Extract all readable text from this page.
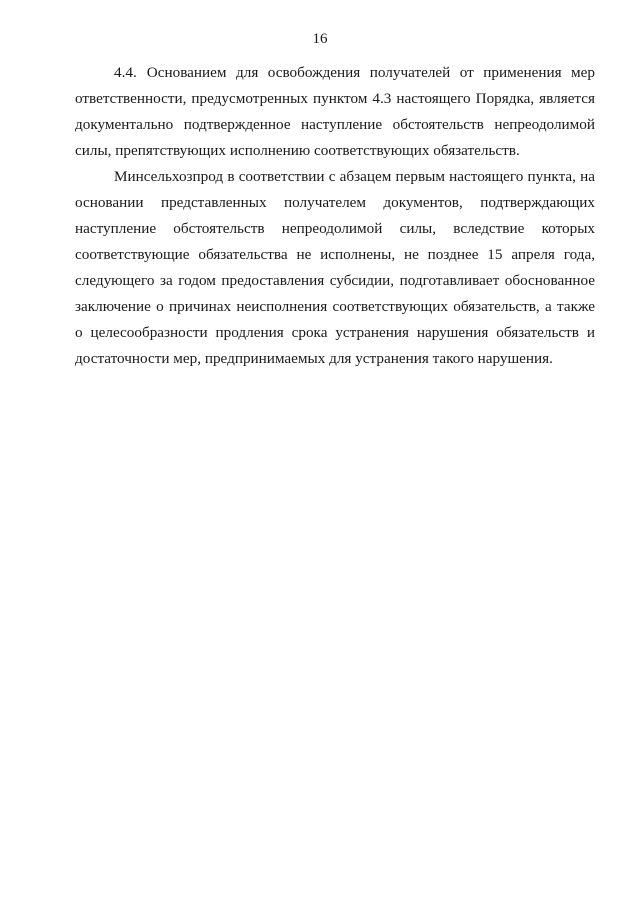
16

4.4. Основанием для освобождения получателей от применения мер ответственности, предусмотренных пунктом 4.3 настоящего Порядка, является документально подтвержденное наступление обстоятельств непреодолимой силы, препятствующих исполнению соответствующих обязательств.

Минсельхозпрод в соответствии с абзацем первым настоящего пункта, на основании представленных получателем документов, подтверждающих наступление обстоятельств непреодолимой силы, вследствие которых соответствующие обязательства не исполнены, не позднее 15 апреля года, следующего за годом предоставления субсидии, подготавливает обоснованное заключение о причинах неисполнения соответствующих обязательств, а также о целесообразности продления срока устранения нарушения обязательств и достаточности мер, предпринимаемых для устранения такого нарушения.
